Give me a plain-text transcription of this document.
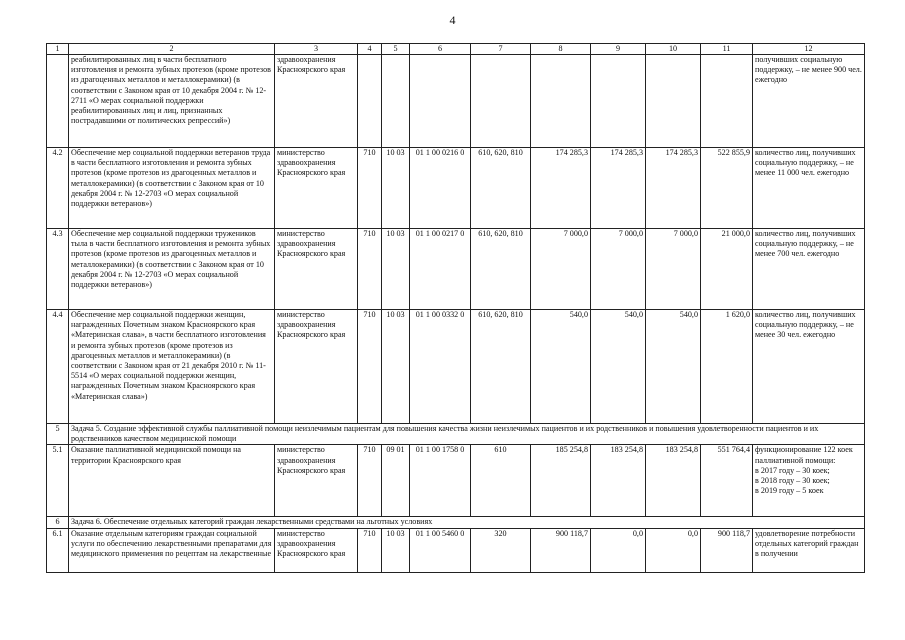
4
1	2	3	4	5	6	7	8	9	10	11	12
	реабилитированных лиц в части бесплатного изготовления и ремонта зубных протезов (кроме протезов из драгоценных металлов и металлокерамики) (в соответствии с Законом края от 10 декабря 2004 г. № 12-2711 «О мерах социальной поддержки реабилитированных лиц и лиц, признанных пострадавшими от политических репрессий»)	здравоохранения Красноярского края									получивших социальную поддержку, – не менее 900 чел. ежегодно
4.2	Обеспечение мер социальной поддержки ветеранов труда в части бесплатного изготовления и ремонта зубных протезов (кроме протезов из драгоценных металлов и металлокерамики) (в соответствии с Законом края от 10 декабря 2004 г. № 12-2703 «О мерах социальной поддержки ветеранов»)	министерство здравоохранения Красноярского края	710	10 03	01 1 00 0216 0	610, 620, 810	174 285,3	174 285,3	174 285,3	522 855,9	количество лиц, получивших социальную поддержку, – не менее 11 000 чел. ежегодно
4.3	Обеспечение мер социальной поддержки тружеников тыла в части бесплатного изготовления и ремонта зубных протезов (кроме протезов из драгоценных металлов и металлокерамики) (в соответствии с Законом края от 10 декабря 2004 г. № 12-2703 «О мерах социальной поддержки ветеранов»)	министерство здравоохранения Красноярского края	710	10 03	01 1 00 0217 0	610, 620, 810	7 000,0	7 000,0	7 000,0	21 000,0	количество лиц, получивших социальную поддержку, – не менее 700 чел. ежегодно
4.4	Обеспечение мер социальной поддержки женщин, награжденных Почетным знаком Красноярского края «Материнская слава», в части бесплатного изготовления и ремонта зубных протезов (кроме протезов из драгоценных металлов и металлокерамики) (в соответствии с Законом края от 21 декабря 2010 г. № 11-5514 «О мерах социальной поддержки женщин, награжденных Почетным знаком Красноярского края «Материнская слава»)	министерство здравоохранения Красноярского края	710	10 03	01 1 00 0332 0	610, 620, 810	540,0	540,0	540,0	1 620,0	количество лиц, получивших социальную поддержку, – не менее 30 чел. ежегодно
5	Задача 5. Создание эффективной службы паллиативной помощи неизлечимым пациентам для повышения качества жизни неизлечимых пациентов и их родственников и повышения удовлетворенности пациентов и их родственников качеством медицинской помощи										
5.1	Оказание паллиативной медицинской помощи на территории Красноярского края	министерство здравоохранения Красноярского края	710	09 01	01 1 00 1758 0	610	185 254,8	183 254,8	183 254,8	551 764,4	функционирование 122 коек паллиативной помощи:
в 2017 году – 30 коек;
в 2018 году – 30 коек;
в 2019 году – 5 коек

6	Задача 6. Обеспечение отдельных категорий граждан лекарственными средствами на льготных условиях										
6.1	Оказание отдельным категориям граждан социальной услуги по обеспечению лекарственными препаратами для медицинского применения по рецептам на лекарственные	министерство здравоохранения Красноярского края	710	10 03	01 1 00 5460 0	320	900 118,7	0,0	0,0	900 118,7	удовлетворение потребности отдельных категорий граждан в получении
